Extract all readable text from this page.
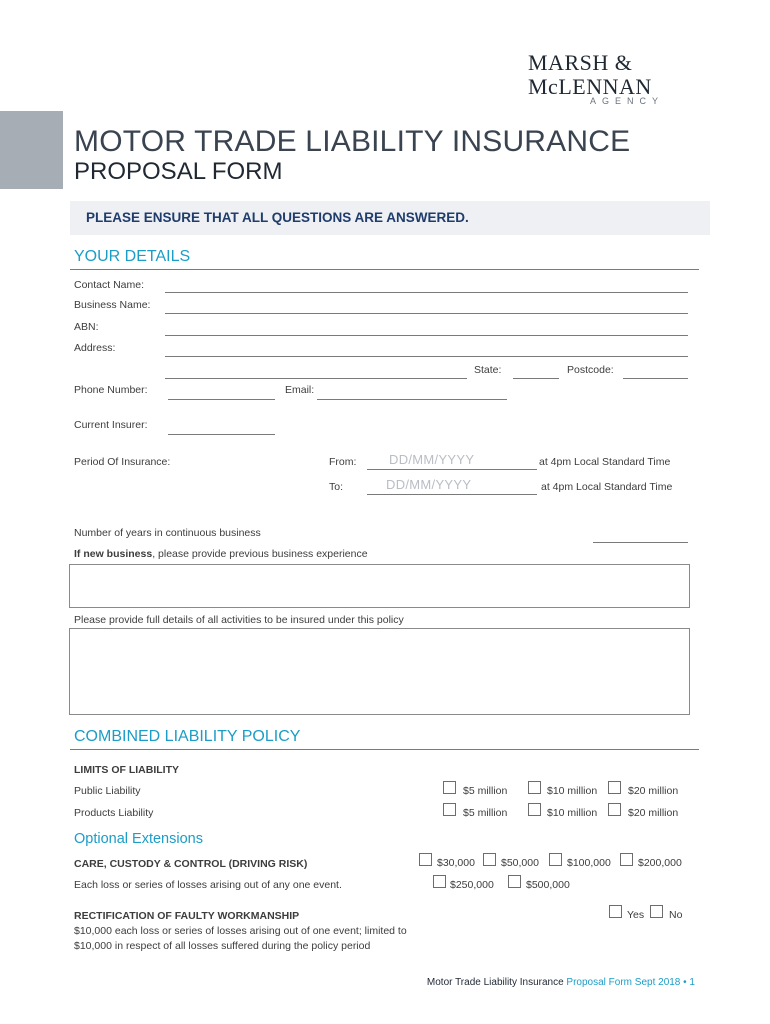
MARSH &
McLENNAN
AGENCY
MOTOR TRADE LIABILITY INSURANCE
PROPOSAL FORM
PLEASE ENSURE THAT ALL QUESTIONS ARE ANSWERED.
YOUR DETAILS
Contact Name:
Business Name:
ABN:
Address:
State:	Postcode:
Phone Number:	Email:
Current Insurer:
Period Of Insurance:	From:	DD/MM/YYYY	at 4pm Local Standard Time
To:	DD/MM/YYYY	at 4pm Local Standard Time
Number of years in continuous business
If new business, please provide previous business experience
Please provide full details of all activities to be insured under this policy
COMBINED LIABILITY POLICY
LIMITS OF LIABILITY
Public Liability	$5 million	$10 million	$20 million
Products Liability	$5 million	$10 million	$20 million
Optional Extensions
CARE, CUSTODY & CONTROL (DRIVING RISK)	$30,000 $50,000	$100,000	$200,000
Each loss or series of losses arising out of any one event.	$250,000	$500,000
RECTIFICATION OF FAULTY WORKMANSHIP	Yes No
$10,000 each loss or series of losses arising out of one event; limited to
$10,000 in respect of all losses suffered during the policy period
Motor Trade Liability Insurance Proposal Form Sept 2018 • 1
